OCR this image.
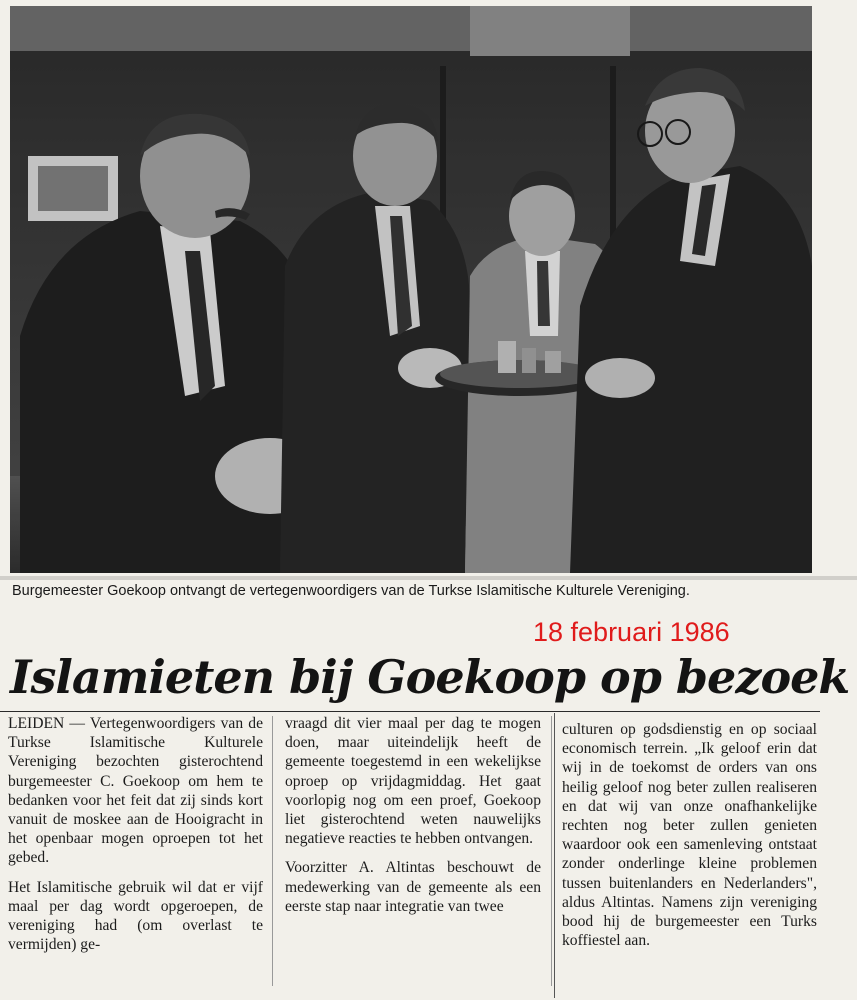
Burgemeester Goekoop ontvangt de vertegenwoordigers van de Turkse Islamitische Kulturele Vereniging.
18 februari 1986
Islamieten bij Goekoop op bezoek

LEIDEN — Vertegenwoordigers van de Turkse Islamitische Kulturele Vereniging bezochten gisterochtend burgemeester C. Goekoop om hem te bedanken voor het feit dat zij sinds kort vanuit de moskee aan de Hooigracht in het openbaar mogen oproepen tot het gebed.

Het Islamitische gebruik wil dat er vijf maal per dag wordt opgeroepen, de vereniging had (om overlast te vermijden) ge-

vraagd dit vier maal per dag te mogen doen, maar uiteindelijk heeft de gemeente toegestemd in een wekelijkse oproep op vrijdagmiddag. Het gaat voorlopig nog om een proef, Goekoop liet gisterochtend weten nauwelijks negatieve reacties te hebben ontvangen.

Voorzitter A. Altintas beschouwt de medewerking van de gemeente als een eerste stap naar integratie van twee

culturen op godsdienstig en op sociaal economisch terrein. „Ik geloof erin dat wij in de toekomst de orders van ons heilig geloof nog beter zullen realiseren en dat wij van onze onafhankelijke rechten nog beter zullen genieten waardoor ook een samenleving ontstaat zonder onderlinge kleine problemen tussen buitenlanders en Nederlanders", aldus Altintas. Namens zijn vereniging bood hij de burgemeester een Turks koffiestel aan.
